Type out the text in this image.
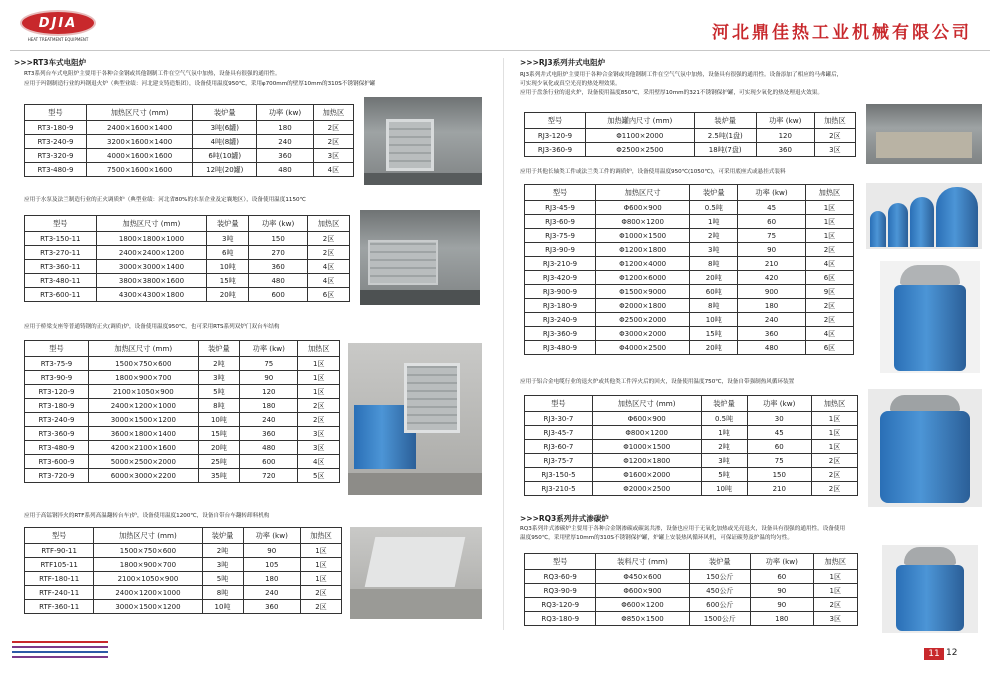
DJIA
HEAT TREATMENT EQUIPMENT	河北鼎佳热工业机械有限公司
>>>RT3车式电阻炉
RT3系列台车式电阻炉主要用于各种合金钢或其他钢制工件在空气气氛中加热，设备具有很强的通用性。
应用于玛钢制造行业的玛钢退火炉（典型业绩：河北建支铸造集团），设备使用温度950℃，采用φ700mm的壁厚10mm的310S不锈钢保护罐
型号	加热区尺寸 (mm)	装炉量	功率 (kw)	加热区
RT3-180-9	2400×1600×1400	3吨(6罐)	180	2区
RT3-240-9	3200×1600×1400	4吨(8罐)	240	2区
RT3-320-9	4000×1600×1600	6吨(10罐)	360	3区
RT3-480-9	7500×1600×1600	12吨(20罐)	480	4区
应用于水泵及法兰制造行业的正火调质炉（典型业绩：河北省80%的水泵企业及定襄地区），设备使用温度1150℃
型号	加热区尺寸 (mm)	装炉量	功率 (kw)	加热区
RT3-150-11	1800×1800×1000	3吨	150	2区
RT3-270-11	2400×2400×1200	6吨	270	2区
RT3-360-11	3000×3000×1400	10吨	360	4区
RT3-480-11	3800×3800×1600	15吨	480	4区
RT3-600-11	4300×4300×1800	20吨	600	6区
应用于桥梁支座等普通铸钢的正火(调质)炉，设备使用温度950℃，也可采用RTS系列双炉门双台车结构
型号	加热区尺寸 (mm)	装炉量	功率 (kw)	加热区
RT3-75-9	1500×750×600	2吨	75	1区
RT3-90-9	1800×900×700	3吨	90	1区
RT3-120-9	2100×1050×900	5吨	120	1区
RT3-180-9	2400×1200×1000	8吨	180	2区
RT3-240-9	3000×1500×1200	10吨	240	2区
RT3-360-9	3600×1800×1400	15吨	360	3区
RT3-480-9	4200×2100×1600	20吨	480	3区
RT3-600-9	5000×2500×2000	25吨	600	4区
RT3-720-9	6000×3000×2200	35吨	720	5区
应用于高锰钢淬火的RTF系列高温翻转台车)炉，设备使用温度1200℃，设备自带台车翻转卸料机构
型号	加热区尺寸 (mm)	装炉量	功率 (kw)	加热区
RTF-90-11	1500×750×600	2吨	90	1区
RTF105-11	1800×900×700	3吨	105	1区
RTF-180-11	2100×1050×900	5吨	180	1区
RTF-240-11	2400×1200×1000	8吨	240	2区
RTF-360-11	3000×1500×1200	10吨	360	2区
>>>RJ3系列井式电阻炉
RJ3系列井式电阻炉主要用于各种合金钢或其他钢制工件在空气气氛中加热，设备具有很强的通用性。设备添加了相应的马弗罐后，
可实现少氧化或真空光亮的热处理效果。
应用于盘条行业的退火炉，设备使用温度850℃，采用壁厚10mm的321不锈钢保护罐，可实现少氧化的热处理退火效果。
型号	加热罐内尺寸 (mm)	装炉量	功率 (kw)	加热区
RJ3-120-9	Φ1100×2000	2.5吨(1盘)	120	2区
RJ3-360-9	Φ2500×2500	18吨(7盘)	360	3区
应用于其他长轴类工件或法兰类工件的调质炉，设备使用温度950℃(1050℃)，可采用底座式或悬挂式装料
型号	加热区尺寸	装炉量	功率 (kw)	加热区
RJ3-45-9	Φ600×900	0.5吨	45	1区
RJ3-60-9	Φ800×1200	1吨	60	1区
RJ3-75-9	Φ1000×1500	2吨	75	1区
RJ3-90-9	Φ1200×1800	3吨	90	2区
RJ3-210-9	Φ1200×4000	8吨	210	4区
RJ3-420-9	Φ1200×6000	20吨	420	6区
RJ3-900-9	Φ1500×9000	60吨	900	9区
RJ3-180-9	Φ2000×1800	8吨	180	2区
RJ3-240-9	Φ2500×2000	10吨	240	2区
RJ3-360-9	Φ3000×2000	15吨	360	4区
RJ3-480-9	Φ4000×2500	20吨	480	6区
应用于铝合金电缆行业的退火炉或其他类工件淬火后的回火，设备使用温度750℃，设备自带强制热风循环装置
型号	加热区尺寸 (mm)	装炉量	功率 (kw)	加热区
RJ3-30-7	Φ600×900	0.5吨	30	1区
RJ3-45-7	Φ800×1200	1吨	45	1区
RJ3-60-7	Φ1000×1500	2吨	60	1区
RJ3-75-7	Φ1200×1800	3吨	75	2区
RJ3-150-5	Φ1600×2000	5吨	150	2区
RJ3-210-5	Φ2000×2500	10吨	210	2区
>>>RQ3系列井式渗碳炉
RQ3系列井式渗碳炉主要用于各种合金钢渗碳或碳氮共渗，设备也应用于无氧化加热或光亮退火，设备具有很强的通用性。设备使用
温度950℃，采用壁厚10mm的310S不锈钢保护罐，炉罐上安装热风循环风机，可保证碳势及炉温的均匀性。
型号	装料尺寸 (mm)	装炉量	功率 (kw)	加热区
RQ3-60-9	Φ450×600	150公斤	60	1区
RQ3-90-9	Φ600×900	450公斤	90	1区
RQ3-120-9	Φ600×1200	600公斤	90	2区
RQ3-180-9	Φ850×1500	1500公斤	180	3区
11 12
